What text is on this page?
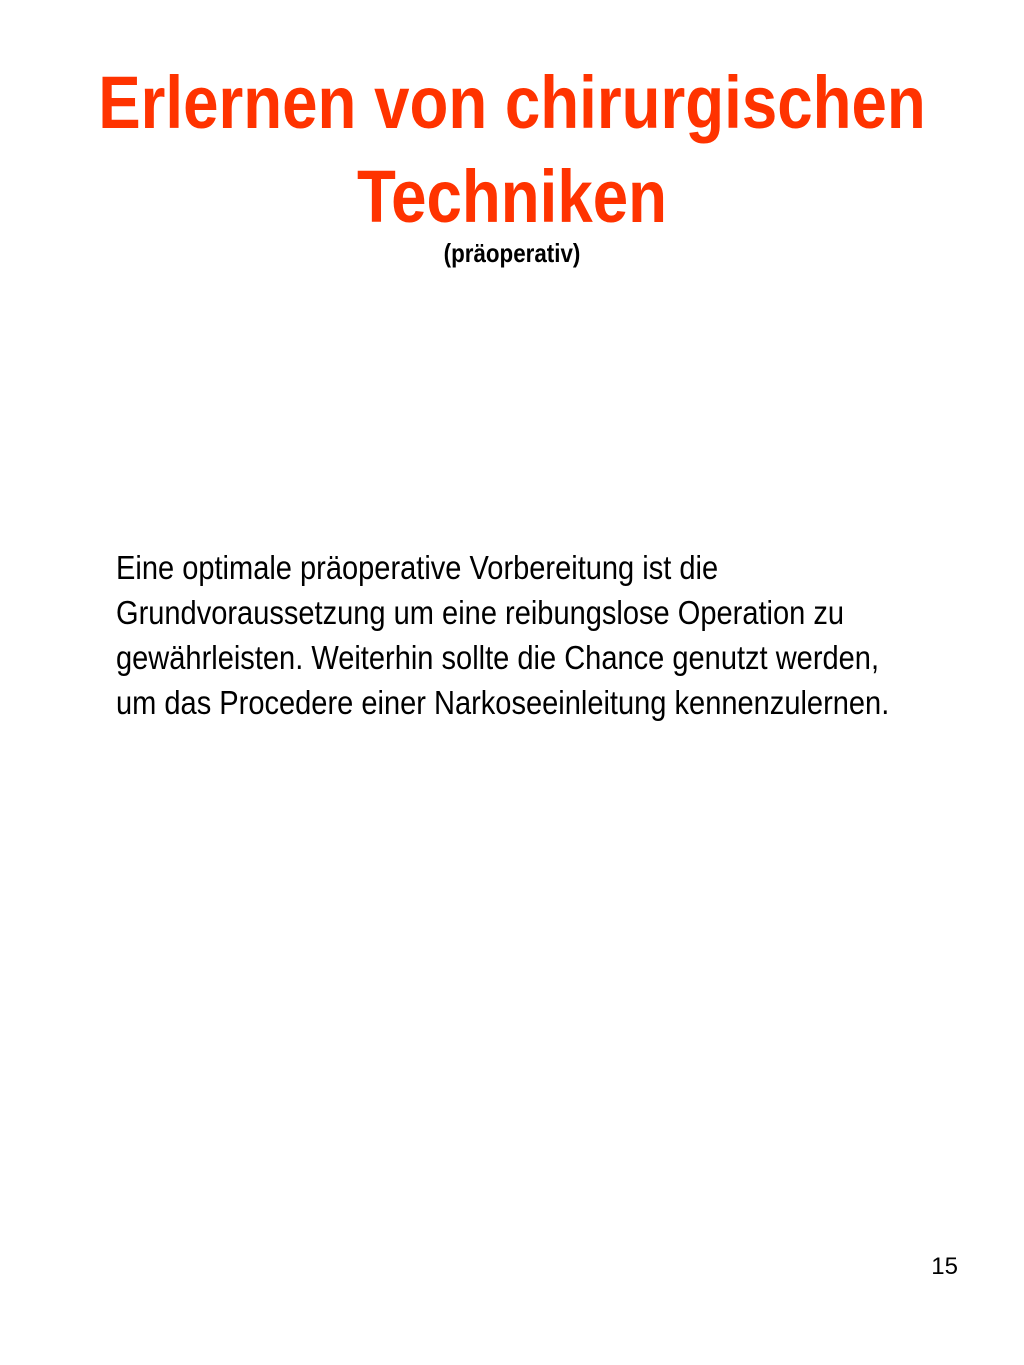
Erlernen von chirurgischen Techniken

(präoperativ)

Eine optimale präoperative Vorbereitung ist die
Grundvoraussetzung um eine reibungslose Operation zu
gewährleisten. Weiterhin sollte die Chance genutzt werden,
um das Procedere einer Narkoseeinleitung kennenzulernen.

15
